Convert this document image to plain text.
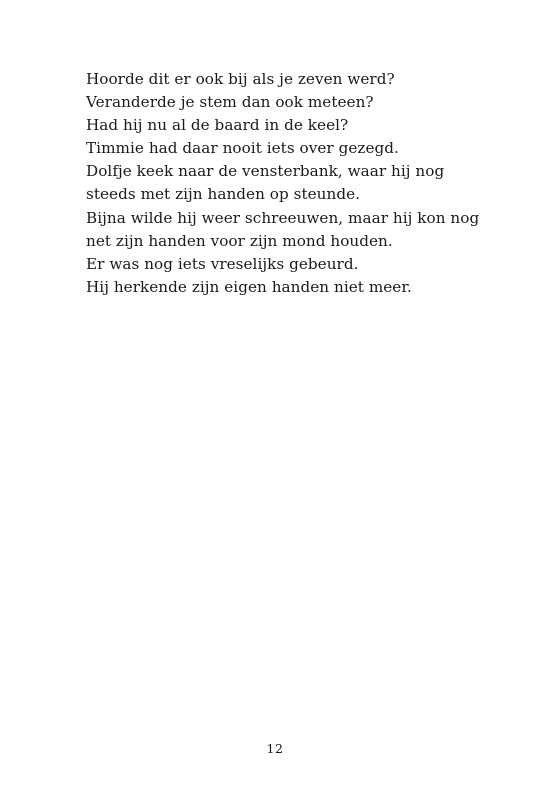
Hoorde dit er ook bij als je zeven werd?
Veranderde je stem dan ook meteen?
Had hij nu al de baard in de keel?
Timmie had daar nooit iets over gezegd.
Dolfje keek naar de vensterbank, waar hij nog
steeds met zijn handen op steunde.
Bijna wilde hij weer schreeuwen, maar hij kon nog
net zijn handen voor zijn mond houden.
Er was nog iets vreselijks gebeurd.
Hij herkende zijn eigen handen niet meer.
12
